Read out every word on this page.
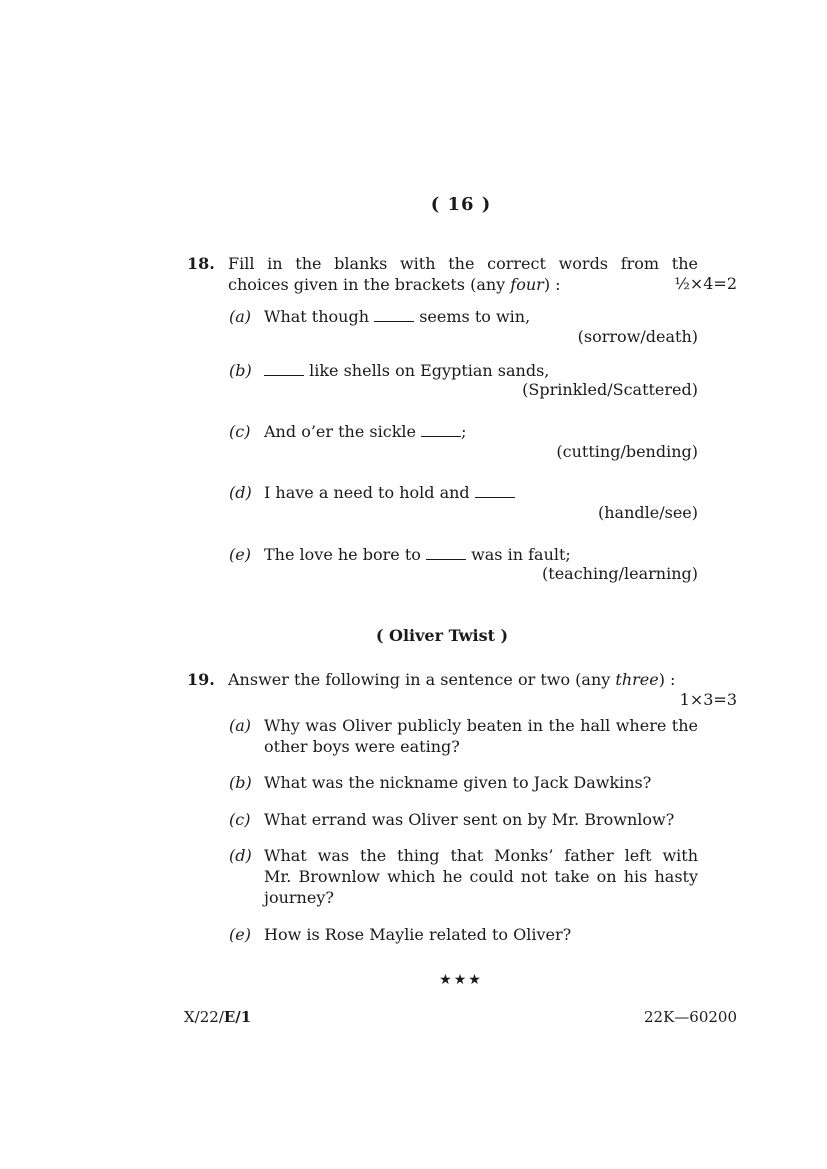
( 16 )
18. Fill in the blanks with the correct words from the
choices given in the brackets (any four) :	½×4=2
(a) What though	seems to win,
(sorrow/death)
(b)	like shells on Egyptian sands,
(Sprinkled/Scattered)
(c) And o’er the sickle	;
(cutting/bending)
(d) I have a need to hold and
(handle/see)
(e) The love he bore to	was in fault;
(teaching/learning)
( Oliver Twist )
19. Answer the following in a sentence or two (any three) :
1×3=3
(a) Why was Oliver publicly beaten in the hall where the
other boys were eating?
(b) What was the nickname given to Jack Dawkins?
(c) What errand was Oliver sent on by Mr. Brownlow?
(d) What was the thing that Monks’ father left with
Mr. Brownlow which he could not take on his hasty
journey?
(e) How is Rose Maylie related to Oliver?
★★★
X/22/E/1	22K—60200
